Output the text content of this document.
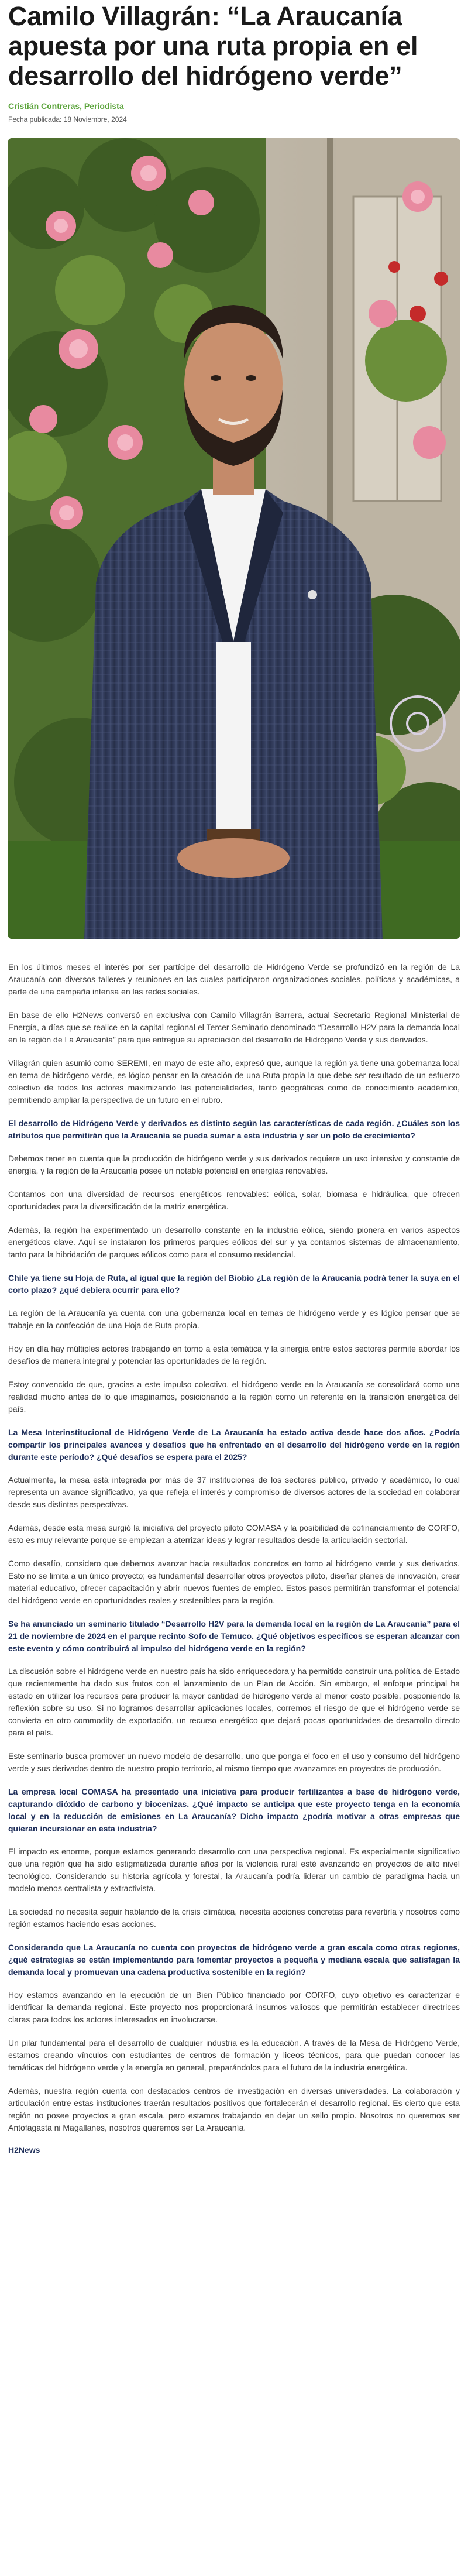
Camilo Villagrán: “La Araucanía apuesta por una ruta propia en el desarrollo del hidrógeno verde”
Cristián Contreras, Periodista
Fecha publicada: 18 Noviembre, 2024

En los últimos meses el interés por ser partícipe del desarrollo de Hidrógeno Verde se profundizó en la región de La Araucanía con diversos talleres y reuniones en las cuales participaron organizaciones sociales, políticas y académicas, a parte de una campaña intensa en las redes sociales.

En base de ello H2News conversó en exclusiva con Camilo Villagrán Barrera, actual Secretario Regional Ministerial de Energía, a días que se realice en la capital regional el Tercer Seminario denominado “Desarrollo H2V para la demanda local en la región de La Araucanía” para que entregue su apreciación del desarrollo de Hidrógeno Verde y sus derivados.

Villagrán quien asumió como SEREMI, en mayo de este año, expresó que, aunque la región ya tiene una gobernanza local en tema de hidrógeno verde, es lógico pensar en la creación de una Ruta propia la que debe ser resultado de un esfuerzo colectivo de todos los actores maximizando las potencialidades, tanto geográficas como de conocimiento académico, permitiendo ampliar la perspectiva de un futuro en el rubro.

El desarrollo de Hidrógeno Verde y derivados es distinto según las características de cada región. ¿Cuáles son los atributos que permitirán que la Araucanía se pueda sumar a esta industria y ser un polo de crecimiento?

Debemos tener en cuenta que la producción de hidrógeno verde y sus derivados requiere un uso intensivo y constante de energía, y la región de la Araucanía posee un notable potencial en energías renovables.

Contamos con una diversidad de recursos energéticos renovables: eólica, solar, biomasa e hidráulica, que ofrecen oportunidades para la diversificación de la matriz energética.

Además, la región ha experimentado un desarrollo constante en la industria eólica, siendo pionera en varios aspectos energéticos clave. Aquí se instalaron los primeros parques eólicos del sur y ya contamos sistemas de almacenamiento, tanto para la hibridación de parques eólicos como para el consumo residencial.

Chile ya tiene su Hoja de Ruta, al igual que la región del Biobío ¿La región de la Araucanía podrá tener la suya en el corto plazo? ¿qué debiera ocurrir para ello?

La región de la Araucanía ya cuenta con una gobernanza local en temas de hidrógeno verde y es lógico pensar que se trabaje en la confección de una Hoja de Ruta propia.

Hoy en día hay múltiples actores trabajando en torno a esta temática y la sinergia entre estos sectores permite abordar los desafíos de manera integral y potenciar las oportunidades de la región.

Estoy convencido de que, gracias a este impulso colectivo, el hidrógeno verde en la Araucanía se consolidará como una realidad mucho antes de lo que imaginamos, posicionando a la región como un referente en la transición energética del país.

La Mesa Interinstitucional de Hidrógeno Verde de La Araucanía ha estado activa desde hace dos años. ¿Podría compartir los principales avances y desafíos que ha enfrentado en el desarrollo del hidrógeno verde en la región durante este período? ¿Qué desafíos se espera para el 2025?

Actualmente, la mesa está integrada por más de 37 instituciones de los sectores público, privado y académico, lo cual representa un avance significativo, ya que refleja el interés y compromiso de diversos actores de la sociedad en colaborar desde sus distintas perspectivas.

Además, desde esta mesa surgió la iniciativa del proyecto piloto COMASA y la posibilidad de cofinanciamiento de CORFO, esto es muy relevante porque se empiezan a aterrizar ideas y lograr resultados desde la articulación sectorial.

Como desafío, considero que debemos avanzar hacia resultados concretos en torno al hidrógeno verde y sus derivados. Esto no se limita a un único proyecto; es fundamental desarrollar otros proyectos piloto, diseñar planes de innovación, crear material educativo, ofrecer capacitación y abrir nuevos fuentes de empleo. Estos pasos permitirán transformar el potencial del hidrógeno verde en oportunidades reales y sostenibles para la región.

Se ha anunciado un seminario titulado “Desarrollo H2V para la demanda local en la región de La Araucanía” para el 21 de noviembre de 2024 en el parque recinto Sofo de Temuco. ¿Qué objetivos específicos se esperan alcanzar con este evento y cómo contribuirá al impulso del hidrógeno verde en la región?

La discusión sobre el hidrógeno verde en nuestro país ha sido enriquecedora y ha permitido construir una política de Estado que recientemente ha dado sus frutos con el lanzamiento de un Plan de Acción. Sin embargo, el enfoque principal ha estado en utilizar los recursos para producir la mayor cantidad de hidrógeno verde al menor costo posible, posponiendo la reflexión sobre su uso. Si no logramos desarrollar aplicaciones locales, corremos el riesgo de que el hidrógeno verde se convierta en otro commodity de exportación, un recurso energético que dejará pocas oportunidades de desarrollo directo para el país.

Este seminario busca promover un nuevo modelo de desarrollo, uno que ponga el foco en el uso y consumo del hidrógeno verde y sus derivados dentro de nuestro propio territorio, al mismo tiempo que avanzamos en proyectos de producción.

La empresa local COMASA ha presentado una iniciativa para producir fertilizantes a base de hidrógeno verde, capturando dióxido de carbono y biocenizas. ¿Qué impacto se anticipa que este proyecto tenga en la economía local y en la reducción de emisiones en La Araucanía? Dicho impacto ¿podría motivar a otras empresas que quieran incursionar en esta industria?

El impacto es enorme, porque estamos generando desarrollo con una perspectiva regional. Es especialmente significativo que una región que ha sido estigmatizada durante años por la violencia rural esté avanzando en proyectos de alto nivel tecnológico. Considerando su historia agrícola y forestal, la Araucanía podría liderar un cambio de paradigma hacia un modelo menos centralista y extractivista.

La sociedad no necesita seguir hablando de la crisis climática, necesita acciones concretas para revertirla y nosotros como región estamos haciendo esas acciones.

Considerando que La Araucanía no cuenta con proyectos de hidrógeno verde a gran escala como otras regiones, ¿qué estrategias se están implementando para fomentar proyectos a pequeña y mediana escala que satisfagan la demanda local y promuevan una cadena productiva sostenible en la región?

Hoy estamos avanzando en la ejecución de un Bien Público financiado por CORFO, cuyo objetivo es caracterizar e identificar la demanda regional. Este proyecto nos proporcionará insumos valiosos que permitirán establecer directrices claras para todos los actores interesados en involucrarse.

Un pilar fundamental para el desarrollo de cualquier industria es la educación. A través de la Mesa de Hidrógeno Verde, estamos creando vínculos con estudiantes de centros de formación y liceos técnicos, para que puedan conocer las temáticas del hidrógeno verde y la energía en general, preparándolos para el futuro de la industria energética.

Además, nuestra región cuenta con destacados centros de investigación en diversas universidades. La colaboración y articulación entre estas instituciones traerán resultados positivos que fortalecerán el desarrollo regional. Es cierto que esta región no posee proyectos a gran escala, pero estamos trabajando en dejar un sello propio. Nosotros no queremos ser Antofagasta ni Magallanes, nosotros queremos ser La Araucanía.

H2News
